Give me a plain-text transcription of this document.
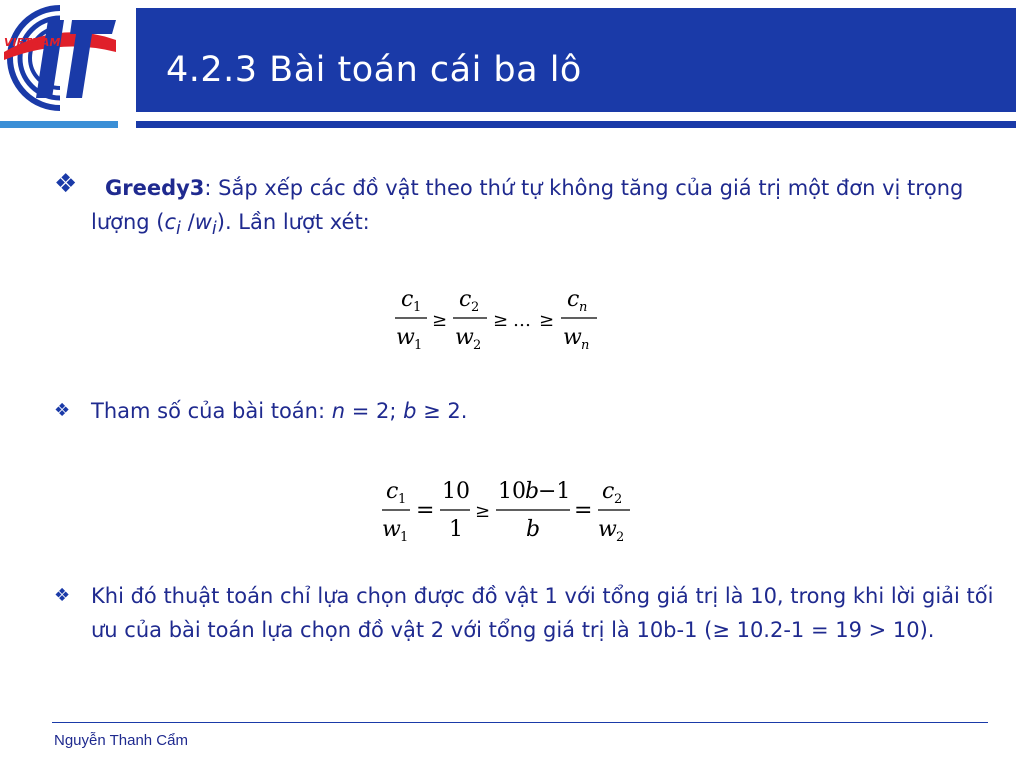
VIETNAM
4.2.3 Bài toán cái ba lô
❖	Greedy3: Sắp xếp các đồ vật theo thứ tự không tăng của giá trị một đơn vị trọng lượng ($c_i$ $/w_i$). Lần lượt xét:
c 1
w 1
≥
c 2
w 2
≥ … ≥
c n
w n
❖ Tham số của bài toán: n = 2; b ≥ 2.
c 1
w 1
=
10
1
≥
10 b
−1
b
=
c 2
w 2
❖ Khi đó thuật toán chỉ lựa chọn được đồ vật 1 với tổng giá trị là 10, trong khi lời giải tối ưu của bài toán lựa chọn đồ vật 2 với tổng giá trị là 10b-1 (≥ 10.2-1 = 19 > 10).
Nguyễn Thanh Cẩm
